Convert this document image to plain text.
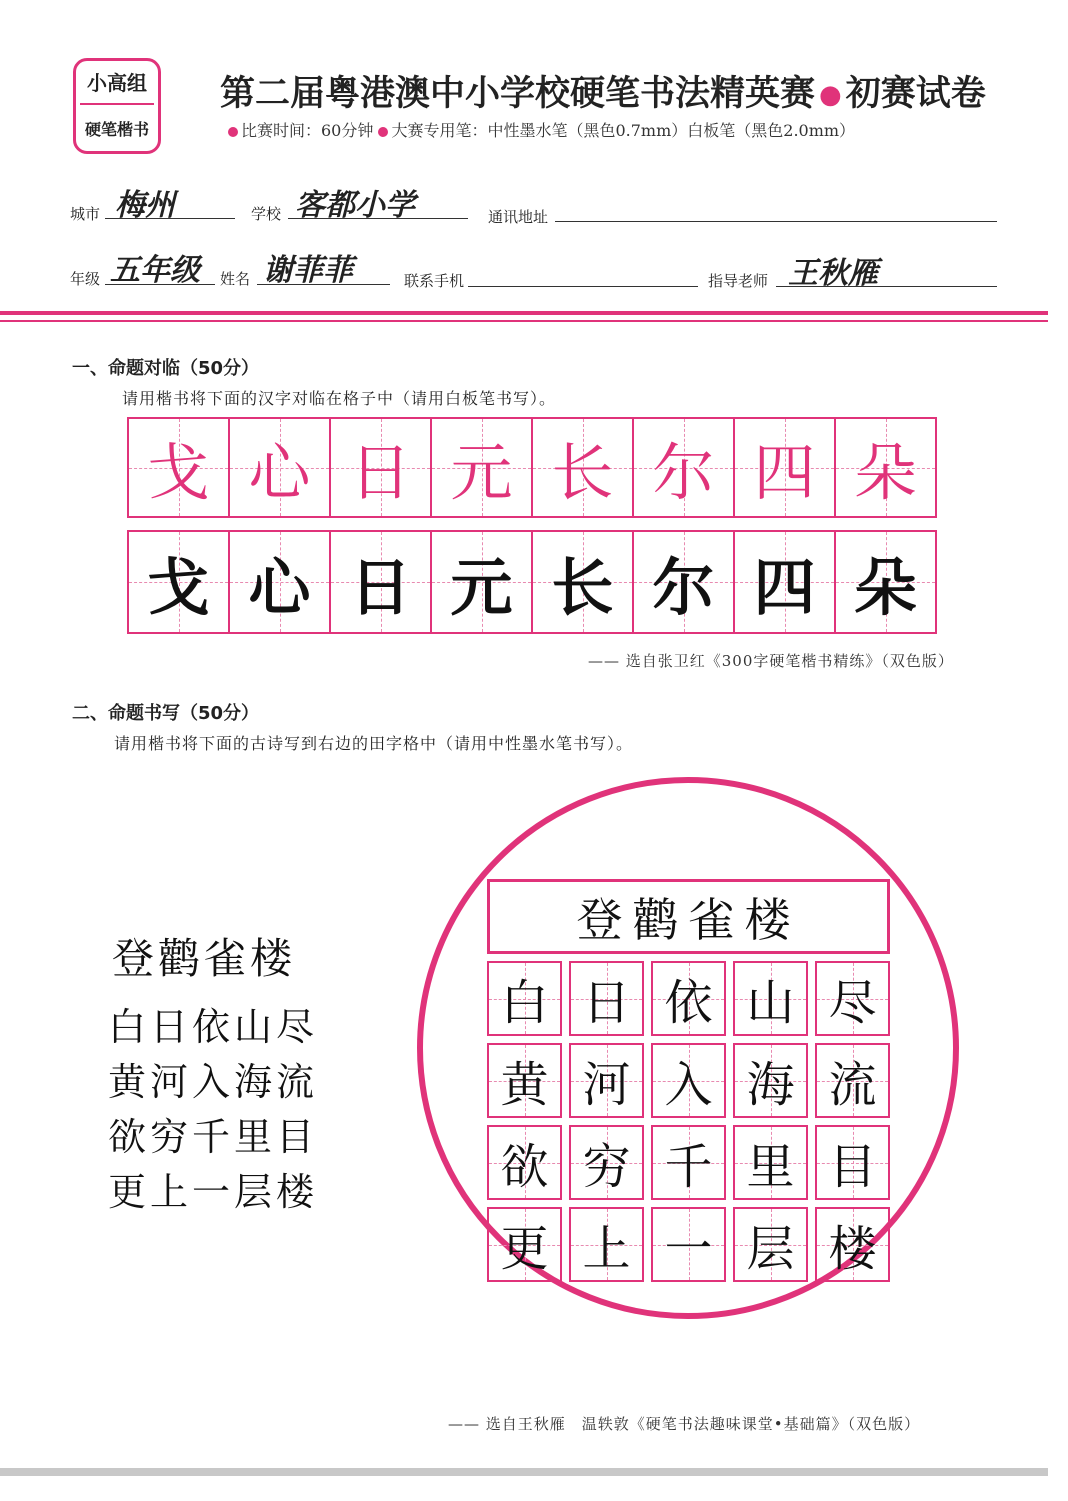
小高组
硬笔楷书
第二届粤港澳中小学校硬笔书法精英赛 ● 初赛试卷
比赛时间：60分钟 大赛专用笔：中性墨水笔（黑色0.7mm）白板笔（黑色2.0mm）
城市 梅州	学校 客都小学	通讯地址
年级 五年级 姓名 谢菲菲	联系手机	指导老师 王秋雁
一、命题对临（50分）
请用楷书将下面的汉字对临在格子中（请用白板笔书写）。
戈 心 日 元 长 尔 四 朵
戈 心 日 元 长 尔 四 朵
—— 选自张卫红《300字硬笔楷书精练》（双色版）
二、命题书写（50分）
请用楷书将下面的古诗写到右边的田字格中（请用中性墨水笔书写）。
登鹳雀楼
白日依山尽
黄河入海流
欲穷千里目
更上一层楼
登鹳雀楼
白 日 依 山 尽
黄 河 入 海 流
欲 穷 千 里 目
更 上 一 层 楼
—— 选自王秋雁　温轶敦《硬笔书法趣味课堂•基础篇》（双色版）
